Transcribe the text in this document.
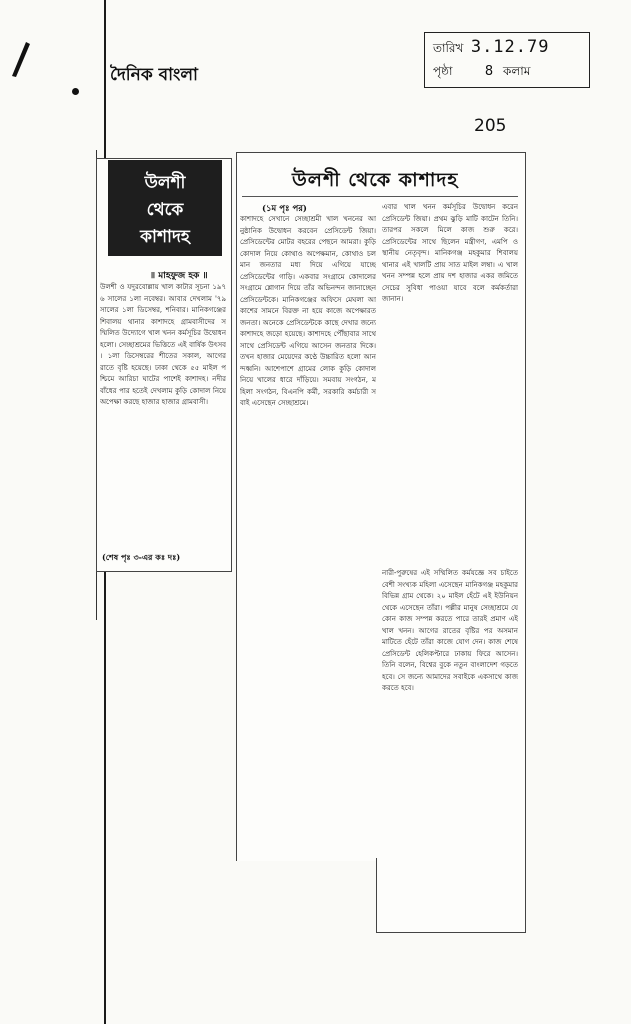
দৈনিক বাংলা
তারিখ 3.12.79
পৃষ্ঠা 8 কলাম
205
উলশী
থেকে
কাশাদহ
॥ মাহফুজ হক ॥
উলশী ও যদুরবোল্লায় খাল কাটার সূচনা ১৯৭৬ সালের ১লা নবেম্বর। আবার দেখলাম '৭৯ সালের ১লা ডিসেম্বর, শনিবার। মানিকগঞ্জের শিবালয় থানার কাশাদহে গ্রামবাসীদের সম্মিলিত উদ্যোগে খাল খনন কর্মসূচির উদ্বোধন হলো। সেচ্ছাশ্রমের ভিত্তিতে এই বার্ষিক উৎসব। ১লা ডিসেম্বরের শীতের সকাল, আগের রাতে বৃষ্টি হয়েছে। ঢাকা থেকে ৫৫ মাইল পশ্চিমে আরিচা ঘাটের পাশেই কাশাদহ। নদীর বাঁধের পার হতেই দেখলাম কুড়ি কোদাল নিয়ে অপেক্ষা করছে হাজার হাজার গ্রামবাসী।
(শেষ পৃঃ ৩-এর কঃ দঃ)
উলশী থেকে কাশাদহ
(১ম পৃঃ পর)
কাশাদহে সেখানে সেচ্ছাশ্রমী খাল খননের আনুষ্ঠানিক উদ্বোধন করবেন প্রেসিডেন্ট জিয়া। প্রেসিডেন্টের মোটর বহরের পেছনে আমরা। কুড়ি কোদাল নিয়ে কোথাও অপেক্ষমান, কোথাও চলমান জনতার মধ্য দিয়ে এগিয়ে যাচ্ছে প্রেসিডেন্টের গাড়ি। একবার সংগ্রামে কোদালের সংগ্রামে শ্লোগান দিয়ে তাঁর অভিনন্দন জানাচ্ছেন প্রেসিডেন্টকে। মানিকগঞ্জের অফিসে মেঘলা আকাশের সামনে বিরক্ত না হয়ে কাজে অপেক্ষারত জনতা। অনেকে প্রেসিডেন্টকে কাছে দেখার জন্যে কাশাদহে জড়ো হয়েছে। কাশাদহে পৌঁছাবার সাথে সাথে প্রেসিডেন্ট এগিয়ে আসেন জনতার দিকে। তখন হাজার মেয়েদের কণ্ঠে উচ্চারিত হলো আনন্দধ্বনি। আশেপাশে গ্রামের লোক কুড়ি কোদাল নিয়ে খালের ধারে দাঁড়িয়ে। সমবায় সংগঠন, মহিলা সংগঠন, বিএনপি কর্মী, সরকারি কর্মচারী সবাই এসেছেন সেচ্ছাশ্রমে।
এবার খাল খনন কর্মসূচির উদ্বোধন করেন প্রেসিডেন্ট জিয়া। প্রথম ঝুড়ি মাটি কাটেন তিনি। তারপর সকলে মিলে কাজ শুরু করে। প্রেসিডেন্টের সাথে ছিলেন মন্ত্রীগণ, এমপি ও স্থানীয় নেতৃবৃন্দ। মানিকগঞ্জ মহকুমার শিবালয় থানার এই খালটি প্রায় সাত মাইল লম্বা। এ খাল খনন সম্পন্ন হলে প্রায় দশ হাজার একর জমিতে সেচের সুবিধা পাওয়া যাবে বলে কর্মকর্তারা জানান।
নারী-পুরুষের এই সম্মিলিত কর্মযজ্ঞে সব চাইতে বেশী সংখ্যক মহিলা এসেছেন মানিকগঞ্জ মহকুমার বিভিন্ন গ্রাম থেকে। ২০ মাইল হেঁটে এই ইউনিয়ন থেকে এসেছেন তাঁরা। পল্লীর মানুষ সেচ্ছাশ্রমে যে কোন কাজ সম্পন্ন করতে পারে তারই প্রমাণ এই খাল খনন। আগের রাতের বৃষ্টির পর অসমান মাটিতে হেঁটে তাঁরা কাজে যোগ দেন। কাজ শেষে প্রেসিডেন্ট হেলিকপ্টারে ঢাকায় ফিরে আসেন। তিনি বলেন, বিশ্বের বুকে নতুন বাংলাদেশ গড়তে হবে। সে জন্যে আমাদের সবাইকে একসাথে কাজ করতে হবে।
